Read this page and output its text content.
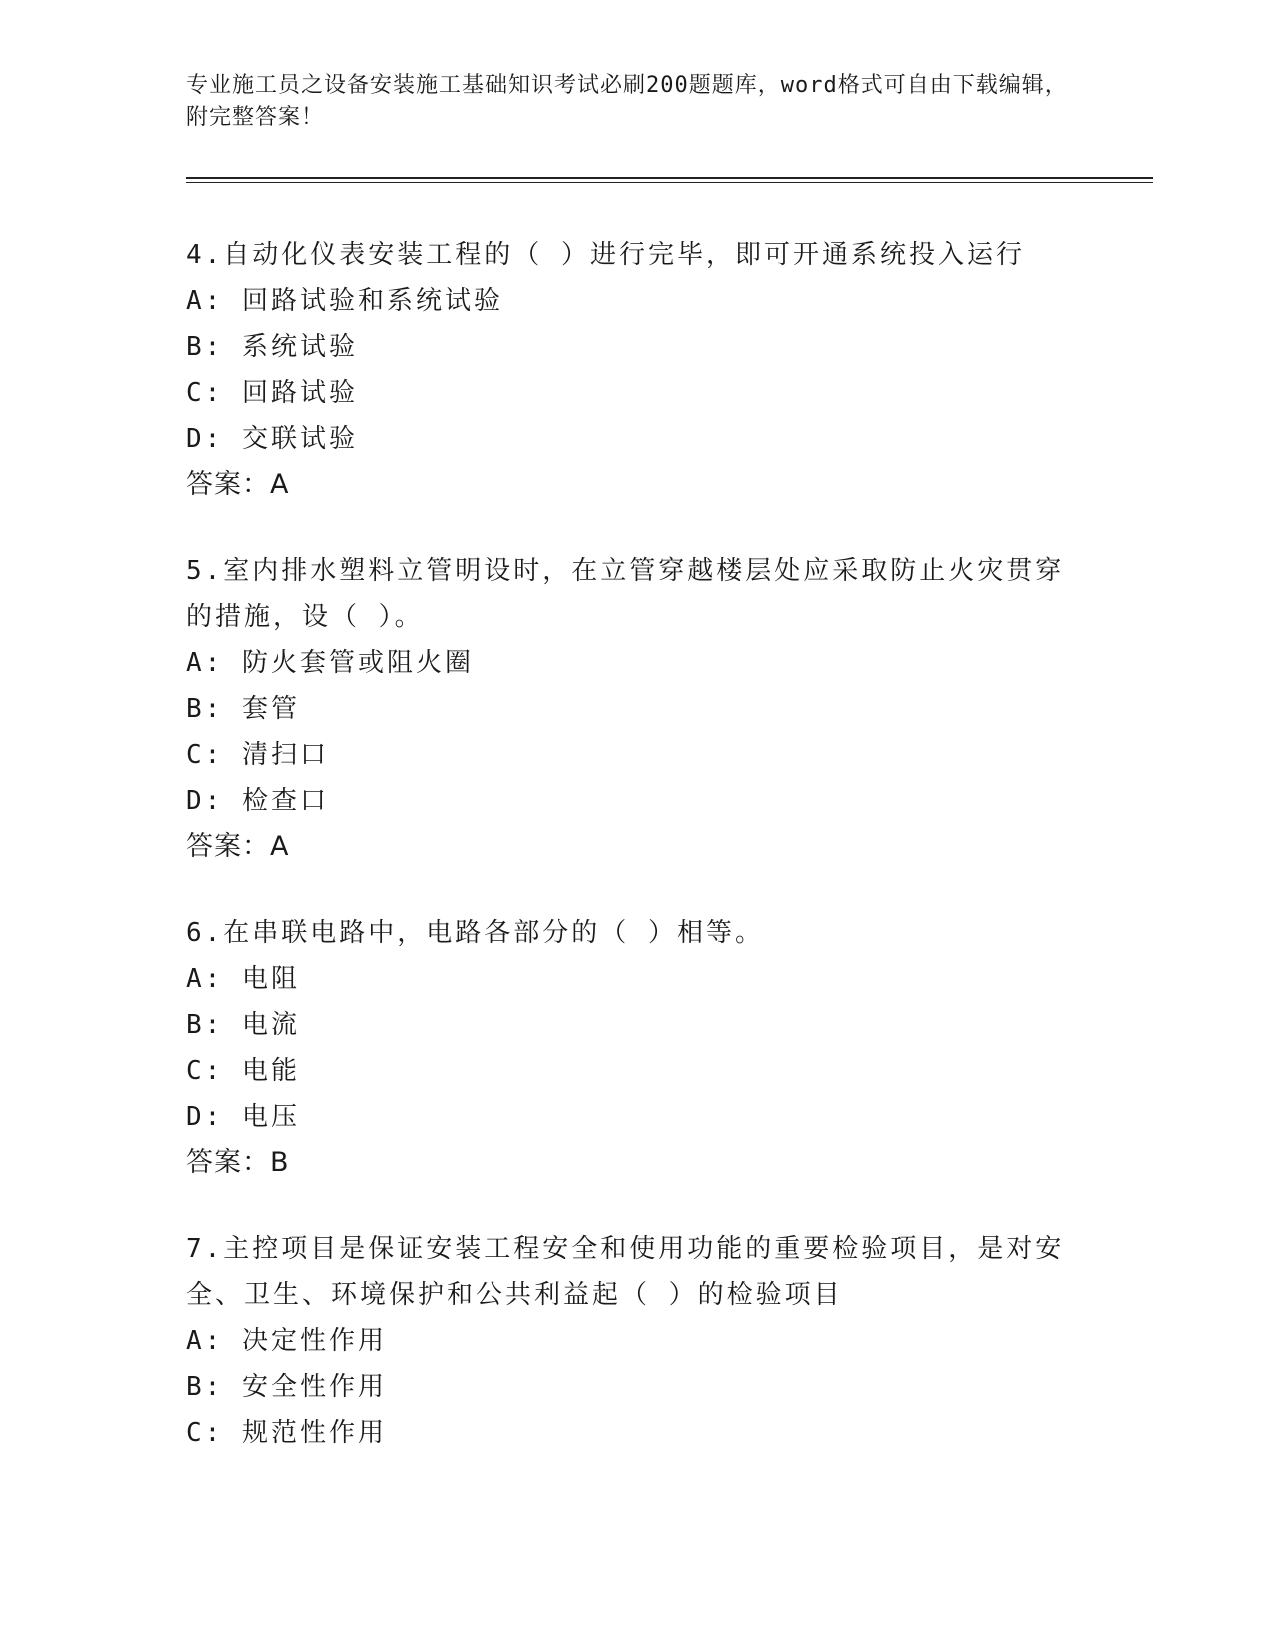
专业施工员之设备安装施工基础知识考试必刷200题题库，word格式可自由下载编辑，附完整答案！

4.自动化仪表安装工程的（ ）进行完毕，即可开通系统投入运行

A: 回路试验和系统试验

B: 系统试验

C: 回路试验

D: 交联试验

答案：A

5.室内排水塑料立管明设时，在立管穿越楼层处应采取防止火灾贯穿的措施，设（ ）。

A: 防火套管或阻火圈

B: 套管

C: 清扫口

D: 检查口

答案：A

6.在串联电路中，电路各部分的（ ）相等。

A: 电阻

B: 电流

C: 电能

D: 电压

答案：B

7.主控项目是保证安装工程安全和使用功能的重要检验项目，是对安全、卫生、环境保护和公共利益起（ ）的检验项目

A: 决定性作用

B: 安全性作用

C: 规范性作用
